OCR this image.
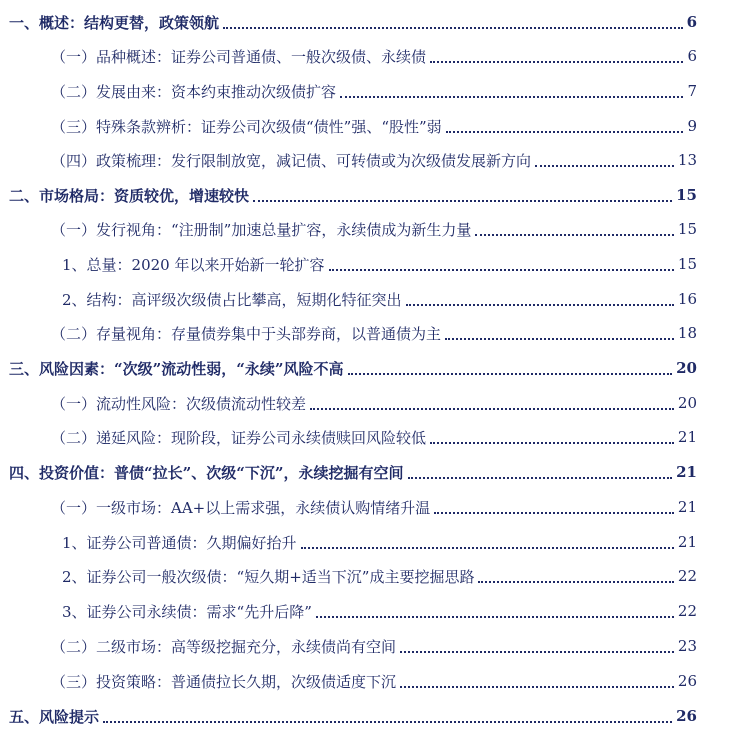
一、概述：结构更替，政策领航	6
（一）品种概述：证券公司普通债、一般次级债、永续债	6
（二）发展由来：资本约束推动次级债扩容	7
（三）特殊条款辨析：证券公司次级债“债性”强、“股性”弱	9
（四）政策梳理：发行限制放宽，减记债、可转债或为次级债发展新方向	13
二、市场格局：资质较优，增速较快	15
（一）发行视角：“注册制”加速总量扩容，永续债成为新生力量	15
1、总量：2020 年以来开始新一轮扩容	15
2、结构：高评级次级债占比攀高，短期化特征突出	16
（二）存量视角：存量债券集中于头部券商，以普通债为主	18
三、风险因素：“次级”流动性弱，“永续”风险不高	20
（一）流动性风险：次级债流动性较差	20
（二）递延风险：现阶段，证券公司永续债赎回风险较低	21
四、投资价值：普债“拉长”、次级“下沉”，永续挖掘有空间	21
（一）一级市场：AA+以上需求强，永续债认购情绪升温	21
1、证券公司普通债：久期偏好抬升	21
2、证券公司一般次级债：“短久期+适当下沉”成主要挖掘思路	22
3、证券公司永续债：需求“先升后降”	22
（二）二级市场：高等级挖掘充分，永续债尚有空间	23
（三）投资策略：普通债拉长久期，次级债适度下沉	26
五、风险提示	26
